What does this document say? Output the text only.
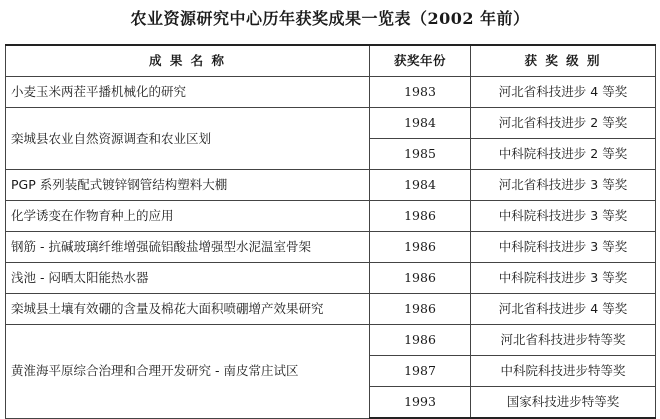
农业资源研究中心历年获奖成果一览表（2002 年前）
成 果 名 称	获奖年份	获 奖 级 别
小麦玉米两茬平播机械化的研究	1983	河北省科技进步 4 等奖
栾城县农业自然资源调查和农业区划	1984	河北省科技进步 2 等奖
	1985	中科院科技进步 2 等奖
PGP 系列装配式镀锌钢管结构塑料大棚	1984	河北省科技进步 3 等奖
化学诱变在作物育种上的应用	1986	中科院科技进步 3 等奖
钢筋 - 抗碱玻璃纤维增强硫铝酸盐增强型水泥温室骨架	1986	中科院科技进步 3 等奖
浅池 - 闷晒太阳能热水器	1986	中科院科技进步 3 等奖
栾城县土壤有效硼的含量及棉花大面积喷硼增产效果研究	1986	河北省科技进步 4 等奖
黄淮海平原综合治理和合理开发研究 - 南皮常庄试区	1986	河北省科技进步特等奖
	1987	中科院科技进步特等奖
	1993	国家科技进步特等奖
